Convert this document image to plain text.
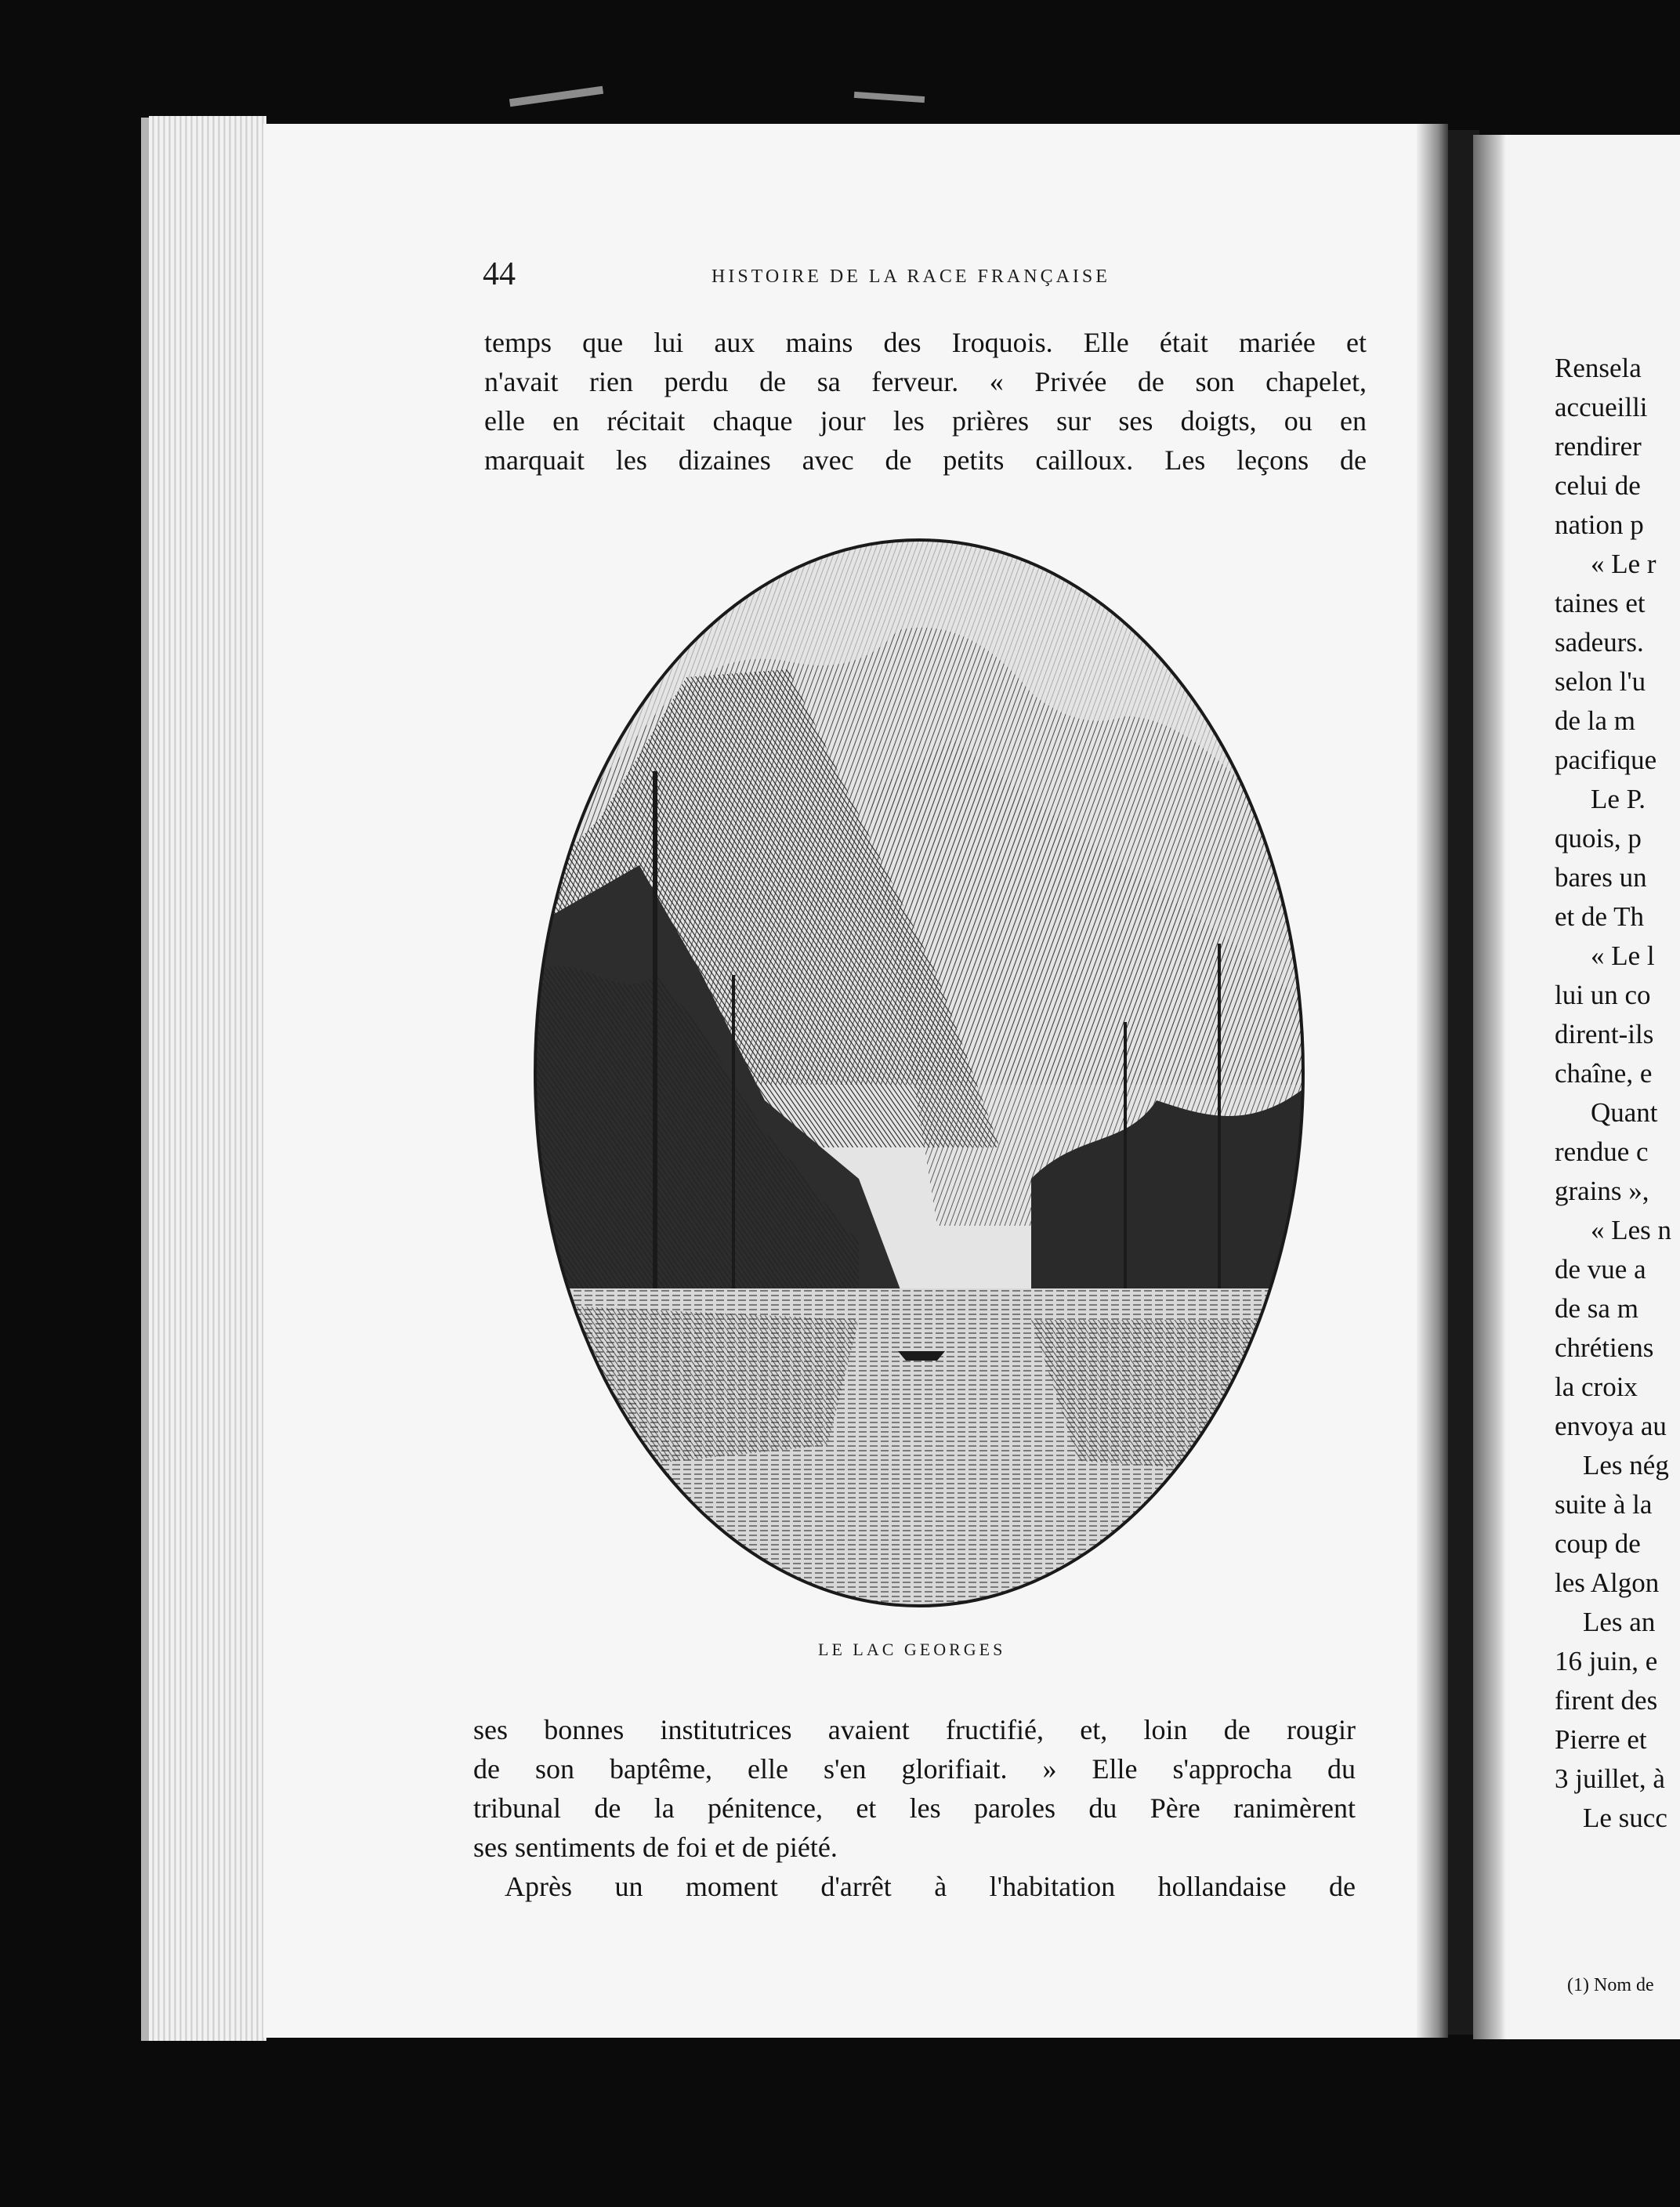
44	HISTOIRE DE LA RACE FRANÇAISE
temps que lui aux mains des Iroquois. Elle était mariée et
n'avait rien perdu de sa ferveur. « Privée de son chapelet,
elle en récitait chaque jour les prières sur ses doigts, ou en
marquait les dizaines avec de petits cailloux. Les leçons de
LE LAC GEORGES
ses bonnes institutrices avaient fructifié, et, loin de rougir
de son baptême, elle s'en glorifiait. » Elle s'approcha du
tribunal de la pénitence, et les paroles du Père ranimèrent
ses sentiments de foi et de piété.
Après un moment d'arrêt à l'habitation hollandaise de
Rensela
accueilli
rendirer
celui de
nation p
« Le r
taines et
sadeurs.
selon l'u
de la m
pacifique
Le P.
quois, p
bares un
et de Th
« Le l
lui un co
dirent-ils
chaîne, e
Quant
rendue c
grains »,
« Les n
de vue a
de sa m
chrétiens
la croix
envoya au
Les nég
suite à la
coup de
les Algon
Les an
16 juin, e
firent des
Pierre et
3 juillet, à
Le succ
(1) Nom de
